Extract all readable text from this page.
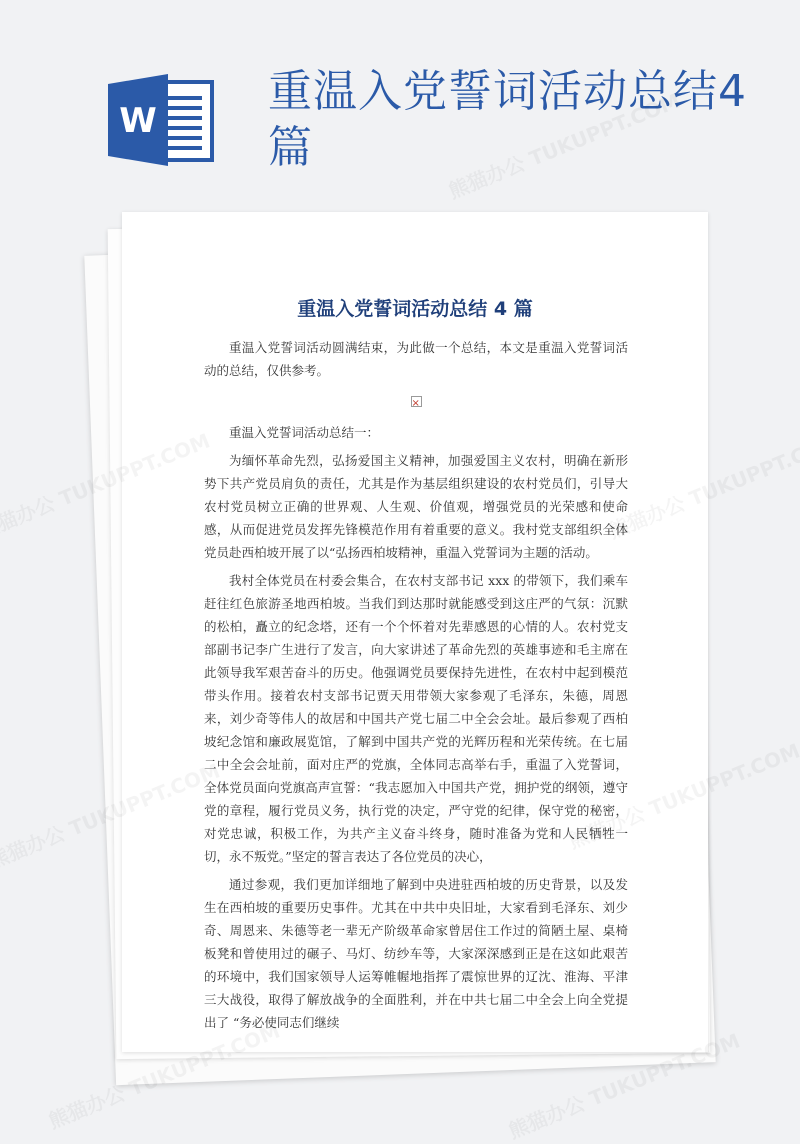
W
重温入党誓词活动总结4篇
重温入党誓词活动总结 4 篇

重温入党誓词活动圆满结束，为此做一个总结，本文是重温入党誓词活动的总结，仅供参考。

×

重温入党誓词活动总结一：

为缅怀革命先烈，弘扬爱国主义精神，加强爱国主义农村，明确在新形势下共产党员肩负的责任，尤其是作为基层组织建设的农村党员们，引导大农村党员树立正确的世界观、人生观、价值观，增强党员的光荣感和使命感，从而促进党员发挥先锋模范作用有着重要的意义。我村党支部组织全体党员赴西柏坡开展了以“弘扬西柏坡精神，重温入党誓词为主题的活动。

我村全体党员在村委会集合，在农村支部书记 xxx 的带领下，我们乘车赶往红色旅游圣地西柏坡。当我们到达那时就能感受到这庄严的气氛：沉默的松柏，矗立的纪念塔，还有一个个怀着对先辈感恩的心情的人。农村党支部副书记李广生进行了发言，向大家讲述了革命先烈的英雄事迹和毛主席在此领导我军艰苦奋斗的历史。他强调党员要保持先进性，在农村中起到模范带头作用。接着农村支部书记贾天用带领大家参观了毛泽东，朱德，周恩来，刘少奇等伟人的故居和中国共产党七届二中全会会址。最后参观了西柏坡纪念馆和廉政展览馆，了解到中国共产党的光辉历程和光荣传统。在七届二中全会会址前，面对庄严的党旗，全体同志高举右手，重温了入党誓词，全体党员面向党旗高声宣誓：“我志愿加入中国共产党，拥护党的纲领，遵守党的章程，履行党员义务，执行党的决定，严守党的纪律，保守党的秘密，对党忠诚，积极工作，为共产主义奋斗终身，随时准备为党和人民牺牲一切，永不叛党。”坚定的誓言表达了各位党员的决心，

通过参观，我们更加详细地了解到中央进驻西柏坡的历史背景，以及发生在西柏坡的重要历史事件。尤其在中共中央旧址，大家看到毛泽东、刘少奇、周恩来、朱德等老一辈无产阶级革命家曾居住工作过的简陋土屋、桌椅板凳和曾使用过的碾子、马灯、纺纱车等，大家深深感到正是在这如此艰苦的环境中，我们国家领导人运筹帷幄地指挥了震惊世界的辽沈、淮海、平津三大战役，取得了解放战争的全面胜利，并在中共七届二中全会上向全党提出了 “务必使同志们继续
